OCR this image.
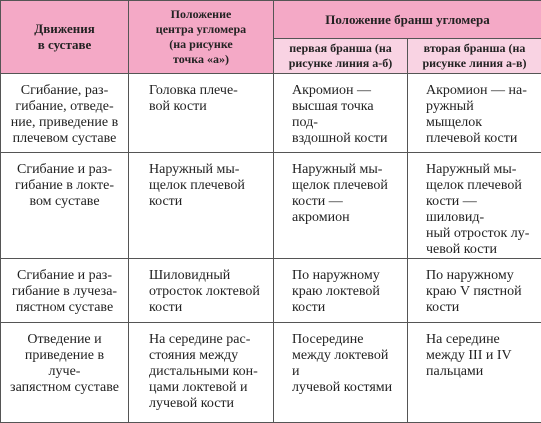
Движения
в суставе	Положение
центра угломера
(на рисунке
точка «а»)	Положение бранш угломера	

		первая бранша (на
рисунке линия а-б)	вторая бранша (на
рисунке линия а-в)

Сгибание, раз-
гибание, отведе-
ние, приведение в
плечевом суставе	Головка плече-
вой кости	Акромион —
высшая точка под-
вздошной кости	Акромион — на-
ружный мыщелок
плечевой кости

Сгибание и раз-
гибание в локте-
вом суставе	Наружный мы-
щелок плечевой
кости	Наружный мы-
щелок плечевой
кости — акромион	Наружный мы-
щелок плечевой
кости — шиловид-
ный отросток лу-
чевой кости

Сгибание и раз-
гибание в лучеза-
пястном суставе	Шиловидный
отросток локтевой
кости	По наружному
краю локтевой кости	По наружному
краю V пястной
кости

Отведение и
приведение в луче-
запястном суставе	На середине рас-
стояния между
дистальными кон-
цами локтевой и
лучевой кости	Посередине
между локтевой и
лучевой костями	На середине
между III и IV
пальцами
